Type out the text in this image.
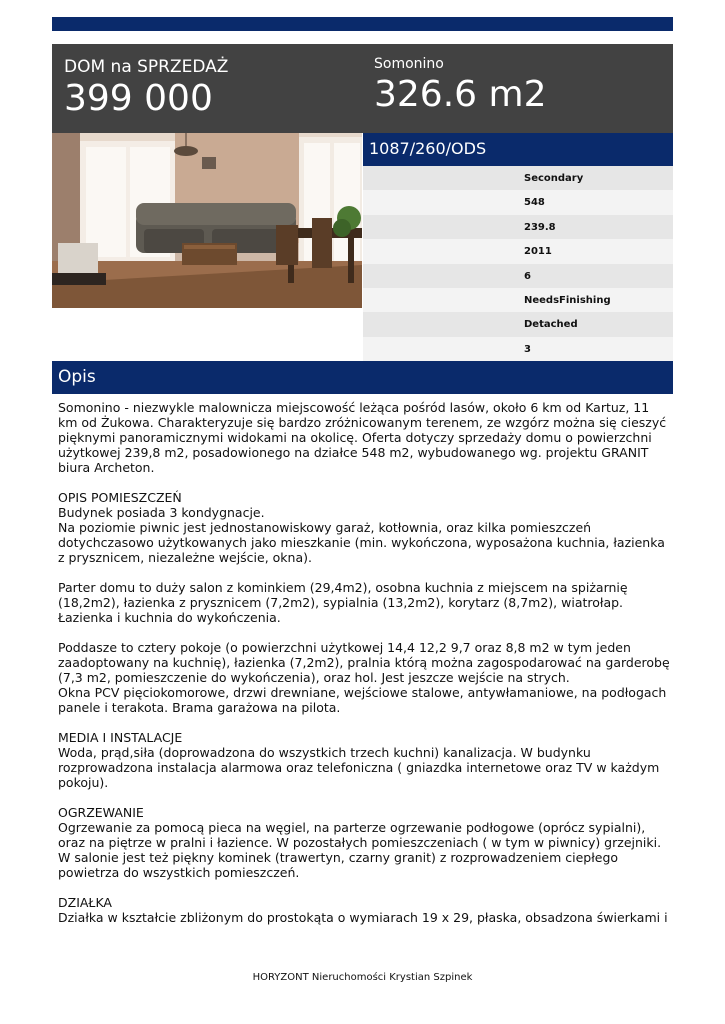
DOM na SPRZEDAŻ
399 000
Somonino
326.6 m2
1087/260/ODS
Secondary
548
239.8
2011
6
NeedsFinishing
Detached
3
Opis

Somonino - niezwykle malownicza miejscowość leżąca pośród lasów, około 6 km od Kartuz, 11 km od Żukowa. Charakteryzuje się bardzo zróżnicowanym terenem, ze wzgórz można się cieszyć pięknymi panoramicznymi widokami na okolicę. Oferta dotyczy sprzedaży domu o powierzchni użytkowej 239,8 m2, posadowionego na działce 548 m2, wybudowanego wg. projektu GRANIT biura Archeton.

OPIS POMIESZCZEŃ
Budynek posiada 3 kondygnacje.
Na poziomie piwnic jest jednostanowiskowy garaż, kotłownia, oraz kilka pomieszczeń dotychczasowo użytkowanych jako mieszkanie (min. wykończona, wyposażona kuchnia, łazienka z prysznicem, niezależne wejście, okna).

Parter domu to duży salon z kominkiem (29,4m2), osobna kuchnia z miejscem na spiżarnię (18,2m2), łazienka z prysznicem (7,2m2), sypialnia (13,2m2), korytarz (8,7m2), wiatrołap. Łazienka i kuchnia do wykończenia.

Poddasze to cztery pokoje (o powierzchni użytkowej 14,4 12,2 9,7 oraz 8,8 m2 w tym jeden zaadoptowany na kuchnię), łazienka (7,2m2), pralnia którą można zagospodarować na garderobę (7,3 m2, pomieszczenie do wykończenia), oraz hol. Jest jeszcze wejście na strych.
Okna PCV pięciokomorowe, drzwi drewniane, wejściowe stalowe, antywłamaniowe, na podłogach panele i terakota. Brama garażowa na pilota.

MEDIA I INSTALACJE
Woda, prąd,siła (doprowadzona do wszystkich trzech kuchni) kanalizacja. W budynku rozprowadzona instalacja alarmowa oraz telefoniczna ( gniazdka internetowe oraz TV w każdym pokoju).

OGRZEWANIE
Ogrzewanie za pomocą pieca na węgiel, na parterze ogrzewanie podłogowe (oprócz sypialni), oraz na piętrze w pralni i łazience. W pozostałych pomieszczeniach ( w tym w piwnicy) grzejniki. W salonie jest też piękny kominek (trawertyn, czarny granit) z rozprowadzeniem ciepłego powietrza do wszystkich pomieszczeń.

DZIAŁKA
Działka w kształcie zbliżonym do prostokąta o wymiarach 19 x 29, płaska, obsadzona świerkami i

HORYZONT Nieruchomości Krystian Szpinek
